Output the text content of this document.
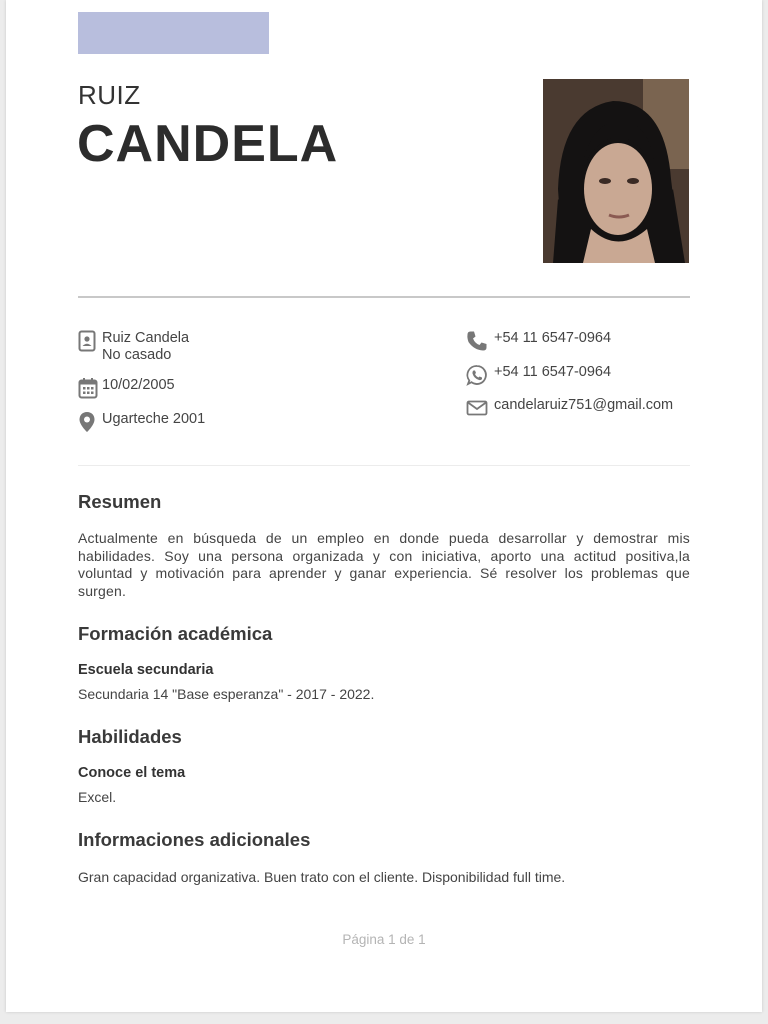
RUIZ
CANDELA
Ruiz Candela
No casado
10/02/2005
Ugarteche 2001
+54 11 6547-0964
+54 11 6547-0964
candelaruiz751@gmail.com
Resumen

Actualmente en búsqueda de un empleo en donde pueda desarrollar y demostrar mis habilidades. Soy una persona organizada y con iniciativa, aporto una actitud positiva,la voluntad y motivación para aprender y ganar experiencia. Sé resolver los problemas que surgen.

Formación académica
Escuela secundaria

Secundaria 14 "Base esperanza" - 2017 - 2022.

Habilidades
Conoce el tema

Excel.

Informaciones adicionales

Gran capacidad organizativa. Buen trato con el cliente. Disponibilidad full time.

Página 1 de 1
